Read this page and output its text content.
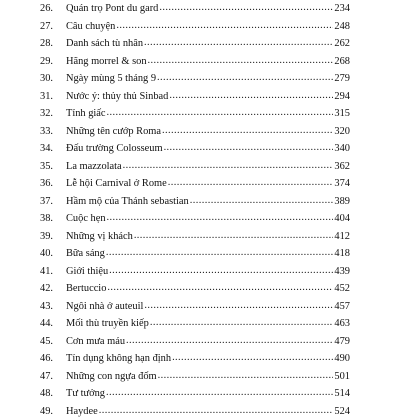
26.	Quán trọ Pont du gard .....	234
27.	Câu chuyện .....	248
28.	Danh sách tù nhân .....	262
29.	Hãng morrel & son .....	268
30.	Ngày mùng 5 tháng 9 .....	279
31.	Nước ý: thủy thủ Sinbad .....	294
32.	Tỉnh giấc .....	315
33.	Những tên cướp Roma .....	320
34.	Đấu trường Colosseum .....	340
35.	La mazzolata .....	362
36.	Lễ hội Carnival ở Rome .....	374
37.	Hầm mộ của Thánh sebastian .....	389
38.	Cuộc hẹn .....	404
39.	Những vị khách .....	412
40.	Bữa sáng .....	418
41.	Giới thiệu .....	439
42.	Bertuccio .....	452
43.	Ngôi nhà ở auteuil .....	457
44.	Mối thù truyền kiếp .....	463
45.	Cơn mưa máu .....	479
46.	Tín dụng không hạn định .....	490
47.	Những con ngựa đốm .....	501
48.	Tư tưởng .....	514
49.	Haydee .....	524
